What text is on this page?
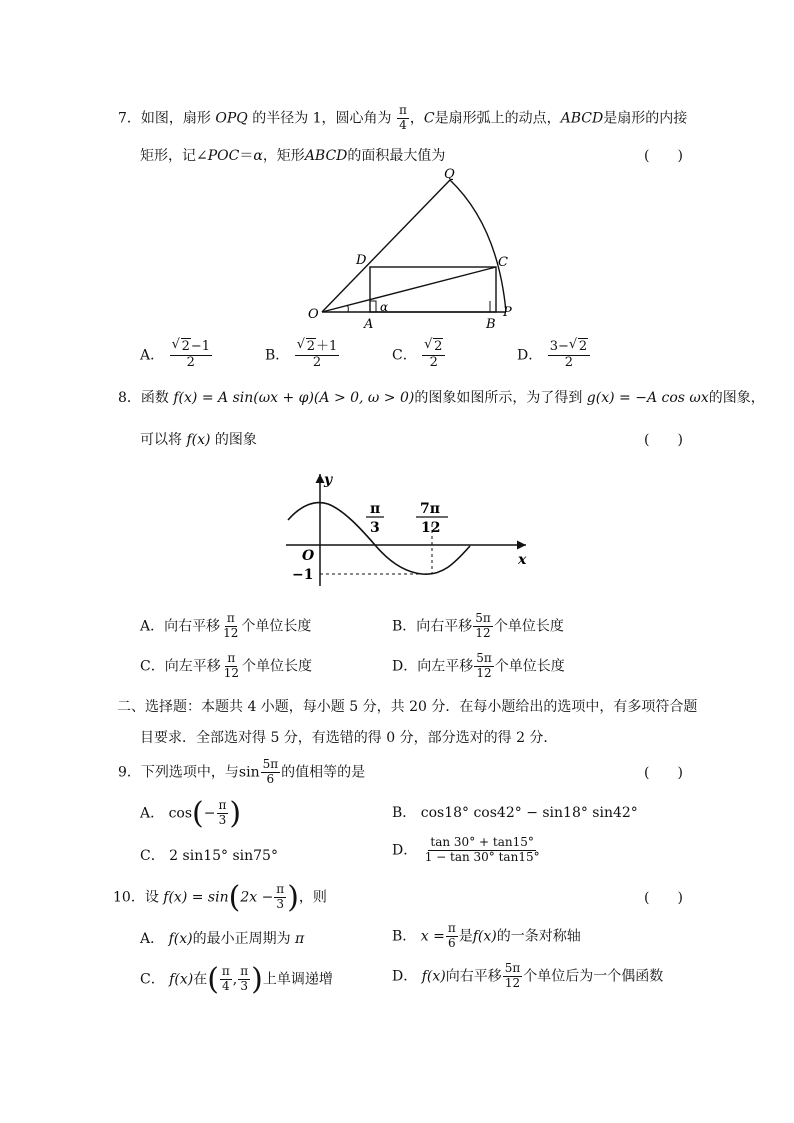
7．如图，扇形 OPQ 的半径为 1，圆心角为 $\frac{\pi}{4}$ ，C是扇形弧上的动点，ABCD是扇形的内接
矩形，记∠POC＝α，矩形ABCD的面积最大值为	(　　)
Q
D	C
O
A	B
P
α
A． √ $\frac{2-1}{2}$	B． √ $\frac{2+1}{2}$	C． √ $\frac{2}{2}$	D． $\frac{3- √ 2}{2}$
8．函数 f(x) = A sin(ωx + φ)(A > 0, ω > 0)的图象如图所示，为了得到 g(x) = −A cos ωx的图象，
可以将 f(x) 的图象	(　　)
y
x
O
−1
π
3
7π
12
A．向右平移 $\frac{\pi}{12}$ 个单位长度	B．向右平移 $\frac{5\pi}{12}$ 个单位长度
C．向左平移 $\frac{\pi}{12}$ 个单位长度	D．向左平移 $\frac{5\pi}{12}$ 个单位长度
二、选择题：本题共 4 小题，每小题 5 分，共 20 分．在每小题给出的选项中，有多项符合题
目要求．全部选对得 5 分，有选错的得 0 分，部分选对的得 2 分．
9．下列选项中，与$\sin \frac{5\pi}{6}$ 的值相等的是	(　　)
A． $\cos(- \frac{\pi}{3}$ )	B． cos18° cos42° − sin18° sin42°
C． 2 sin15° sin75°	D． $\frac{\tan 30^\circ + \tan 15^\circ}{1 - \tan 30^\circ \tan 15^\circ}$
10．设 $f(x) = \sin(2x - \frac{\pi}{3}$ )，则	(　　)
A． f(x)的最小正周期为 π	B． $x = \frac{\pi}{6}$ 是f(x)的一条对称轴
C． f(x)在( $\frac{\pi}{4}$ , $\frac{\pi}{3}$ )上单调递增	D． f(x)向右平移 $\frac{5\pi}{12}$ 个单位后为一个偶函数
